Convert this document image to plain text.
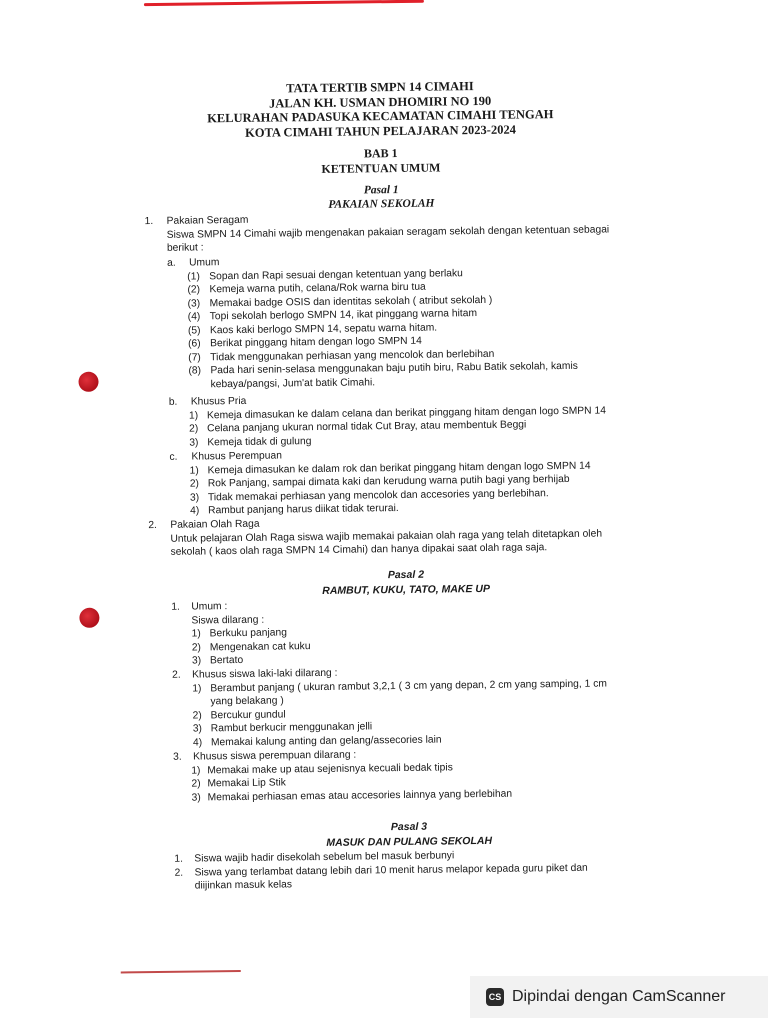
TATA TERTIB SMPN 14 CIMAHI
JALAN KH. USMAN DHOMIRI NO 190
KELURAHAN PADASUKA KECAMATAN CIMAHI TENGAH
KOTA CIMAHI TAHUN PELAJARAN 2023-2024
BAB 1
KETENTUAN UMUM
Pasal 1
PAKAIAN SEKOLAH
1.	Pakaian Seragam
Siswa SMPN 14 Cimahi wajib mengenakan pakaian seragam sekolah dengan ketentuan sebagai
berikut :
a.	Umum
(1) Sopan dan Rapi sesuai dengan ketentuan yang berlaku
(2) Kemeja warna putih, celana/Rok warna biru tua
(3) Memakai badge OSIS dan identitas sekolah ( atribut sekolah )
(4) Topi sekolah berlogo SMPN 14, ikat pinggang warna hitam
(5) Kaos kaki berlogo SMPN 14, sepatu warna hitam.
(6) Berikat pinggang hitam dengan logo SMPN 14
(7) Tidak menggunakan perhiasan yang mencolok dan berlebihan
(8) Pada hari senin-selasa menggunakan baju putih biru, Rabu Batik sekolah, kamis
kebaya/pangsi, Jum'at batik Cimahi.
b.	Khusus Pria
1) Kemeja dimasukan ke dalam celana dan berikat pinggang hitam dengan logo SMPN 14
2) Celana panjang ukuran normal tidak Cut Bray, atau membentuk Beggi
3) Kemeja tidak di gulung
c.	Khusus Perempuan
1) Kemeja dimasukan ke dalam rok dan berikat pinggang hitam dengan logo SMPN 14
2) Rok Panjang, sampai dimata kaki dan kerudung warna putih bagi yang berhijab
3) Tidak memakai perhiasan yang mencolok dan accesories yang berlebihan.
4) Rambut panjang harus diikat tidak terurai.
2.	Pakaian Olah Raga
Untuk pelajaran Olah Raga siswa wajib memakai pakaian olah raga yang telah ditetapkan oleh
sekolah ( kaos olah raga SMPN 14 Cimahi) dan hanya dipakai saat olah raga saja.
Pasal 2
RAMBUT, KUKU, TATO, MAKE UP
1.	Umum :
Siswa dilarang :
1) Berkuku panjang
2) Mengenakan cat kuku
3) Bertato
2.	Khusus siswa laki-laki dilarang :
1) Berambut panjang ( ukuran rambut 3,2,1 ( 3 cm yang depan, 2 cm yang samping, 1 cm
yang belakang )
2) Bercukur gundul
3) Rambut berkucir menggunakan jelli
4) Memakai kalung anting dan gelang/assecories lain
3.	Khusus siswa perempuan dilarang :
1) Memakai make up atau sejenisnya kecuali bedak tipis
2) Memakai Lip Stik
3) Memakai perhiasan emas atau accesories lainnya yang berlebihan
Pasal 3
MASUK DAN PULANG SEKOLAH
1.	Siswa wajib hadir disekolah sebelum bel masuk berbunyi
2.	Siswa yang terlambat datang lebih dari 10 menit harus melapor kepada guru piket dan
diijinkan masuk kelas
CS Dipindai dengan CamScanner
